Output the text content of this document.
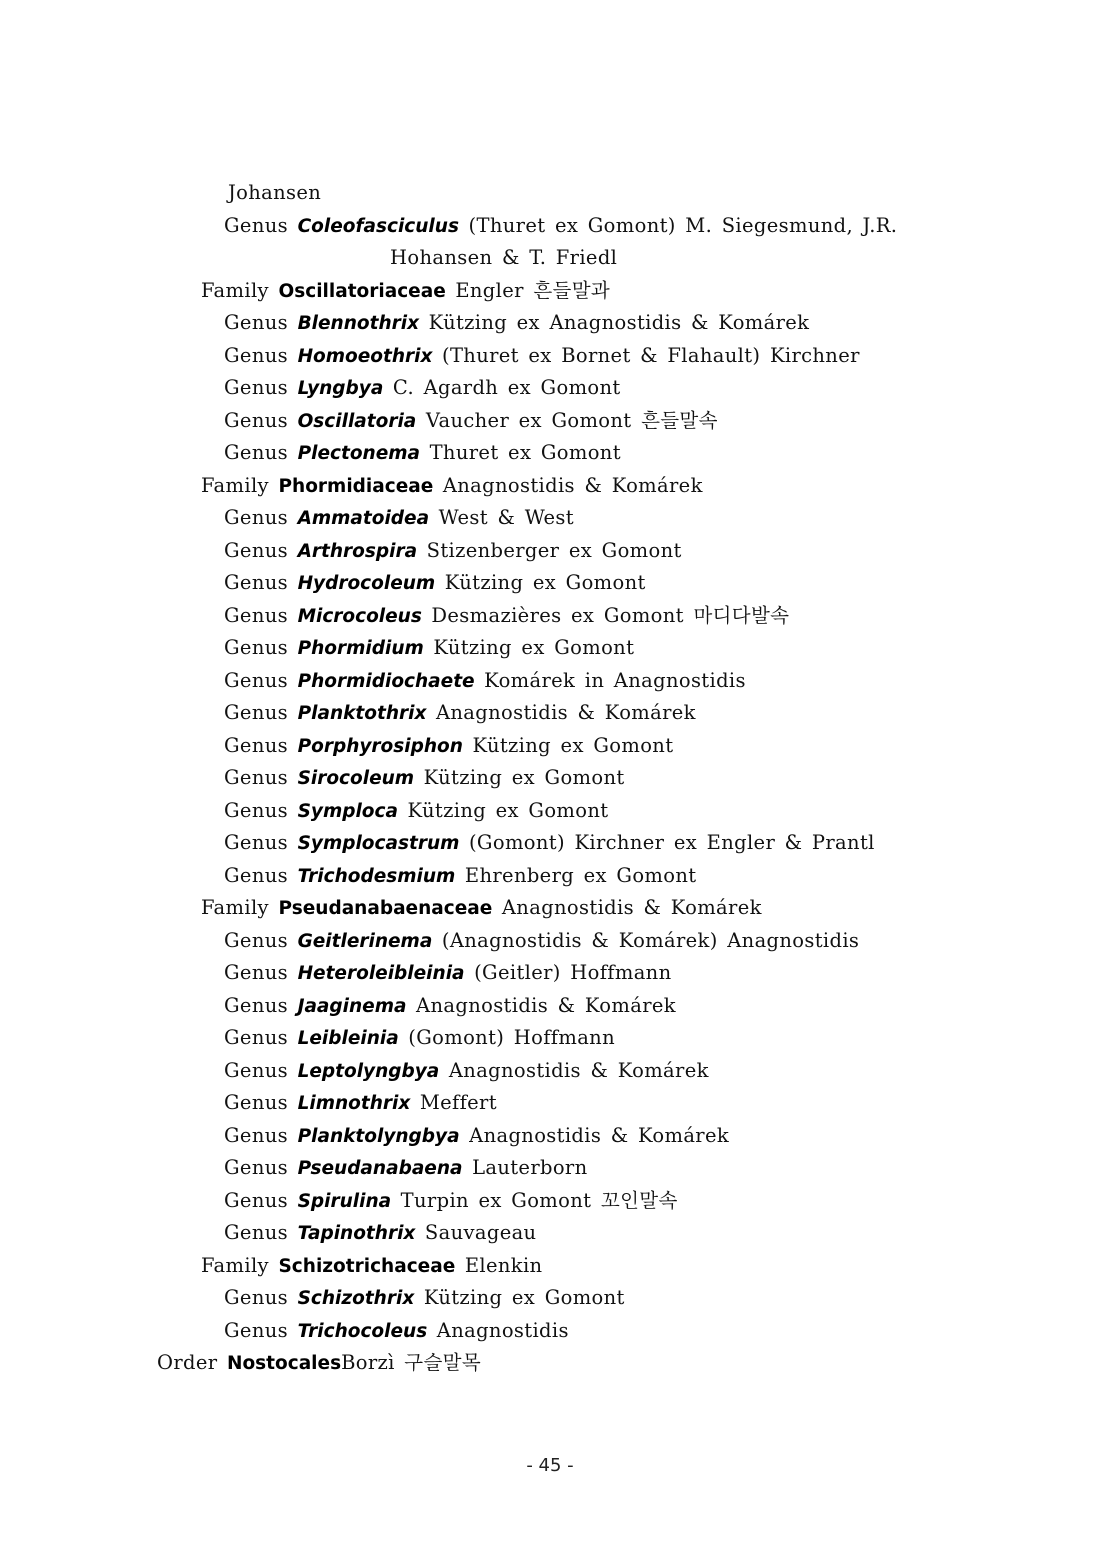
Johansen
Genus Coleofasciculus (Thuret ex Gomont) M. Siegesmund, J.R.
Hohansen & T. Friedl
Family Oscillatoriaceae Engler 흔들말과
Genus Blennothrix Kützing ex Anagnostidis & Komárek
Genus Homoeothrix (Thuret ex Bornet & Flahault) Kirchner
Genus Lyngbya C. Agardh ex Gomont
Genus Oscillatoria Vaucher ex Gomont 흔들말속
Genus Plectonema Thuret ex Gomont
Family Phormidiaceae Anagnostidis & Komárek
Genus Ammatoidea West & West
Genus Arthrospira Stizenberger ex Gomont
Genus Hydrocoleum Kützing ex Gomont
Genus Microcoleus Desmazières ex Gomont 마디다발속
Genus Phormidium Kützing ex Gomont
Genus Phormidiochaete Komárek in Anagnostidis
Genus Planktothrix Anagnostidis & Komárek
Genus Porphyrosiphon Kützing ex Gomont
Genus Sirocoleum Kützing ex Gomont
Genus Symploca Kützing ex Gomont
Genus Symplocastrum (Gomont) Kirchner ex Engler & Prantl
Genus Trichodesmium Ehrenberg ex Gomont
Family Pseudanabaenaceae Anagnostidis & Komárek
Genus Geitlerinema (Anagnostidis & Komárek) Anagnostidis
Genus Heteroleibleinia (Geitler) Hoffmann
Genus Jaaginema Anagnostidis & Komárek
Genus Leibleinia (Gomont) Hoffmann
Genus Leptolyngbya Anagnostidis & Komárek
Genus Limnothrix Meffert
Genus Planktolyngbya Anagnostidis & Komárek
Genus Pseudanabaena Lauterborn
Genus Spirulina Turpin ex Gomont 꼬인말속
Genus Tapinothrix Sauvageau
Family Schizotrichaceae Elenkin
Genus Schizothrix Kützing ex Gomont
Genus Trichocoleus Anagnostidis
Order NostocalesBorzì 구슬말목
- 45 -
